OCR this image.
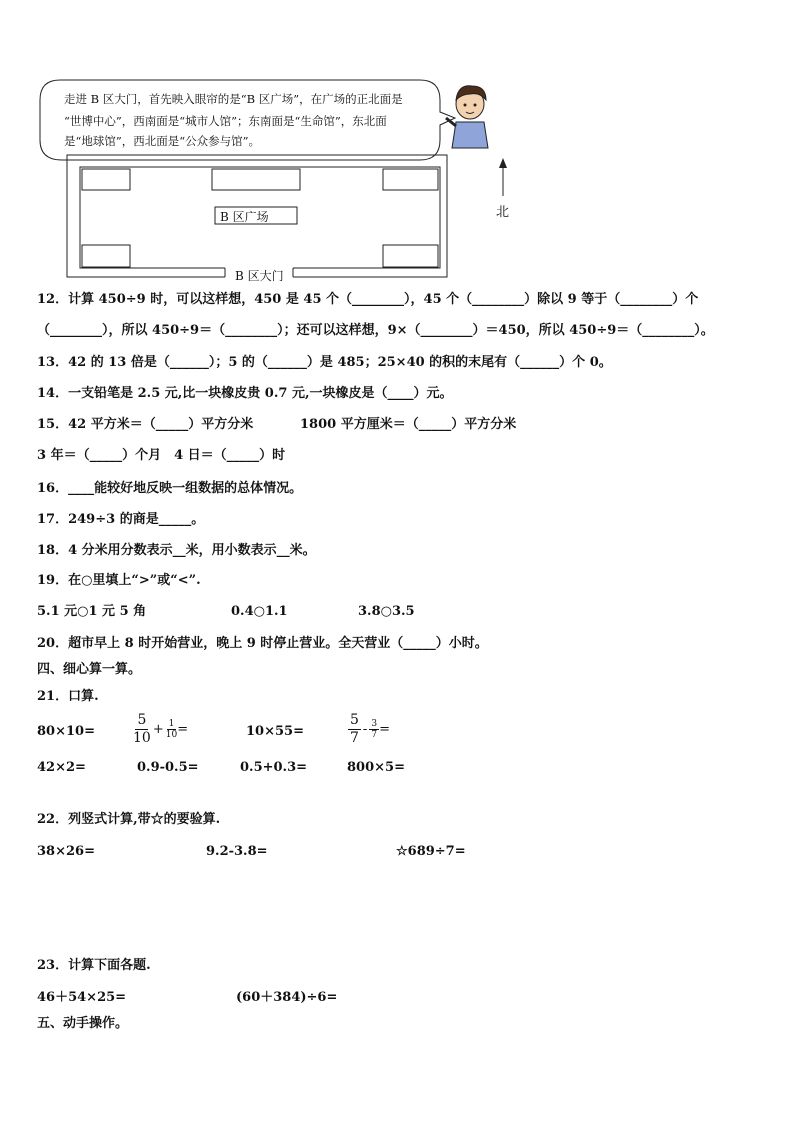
走进 B 区大门，首先映入眼帘的是“B 区广场”，在广场的正北面是
“世博中心”，西南面是“城市人馆”；东南面是“生命馆”，东北面
是“地球馆”，西北面是“公众参与馆”。
B 区广场
B 区大门
北
12．计算 450÷9 时，可以这样想，450 是 45 个（________），45 个（________）除以 9 等于（________）个
（________），所以 450÷9＝（________）；还可以这样想，9×（________）＝450，所以 450÷9＝（________）。
13．42 的 13 倍是（______）；5 的（______）是 485；25×40 的积的末尾有（______）个 0。
14．一支铅笔是 2.5 元,比一块橡皮贵 0.7 元,一块橡皮是（____）元。
15．42 平方米＝（_____）平方分米	1800 平方厘米＝（_____）平方分米
3 年＝（_____）个月　4 日＝（_____）时
16．____能较好地反映一组数据的总体情况。
17．249÷3 的商是_____。
18．4 分米用分数表示__米，用小数表示__米。
19．在○里填上“>”或“<”.
5.1 元○1 元 5 角	0.4○1.1	3.8○3.5
20．超市早上 8 时开始营业，晚上 9 时停止营业。全天营业（_____）小时。
四、细心算一算。
21．口算.
80×10=	$\frac{5}{10} + \frac{1}{10}$ =	10×55=	$\frac{5}{7} - \frac{3}{7}$ =
42×2=	0.9-0.5=	0.5+0.3=	800×5=
22．列竖式计算,带☆的要验算.
38×26=	9.2-3.8=	☆689÷7=
23．计算下面各题.
46＋54×25=	(60＋384)÷6=
五、动手操作。
